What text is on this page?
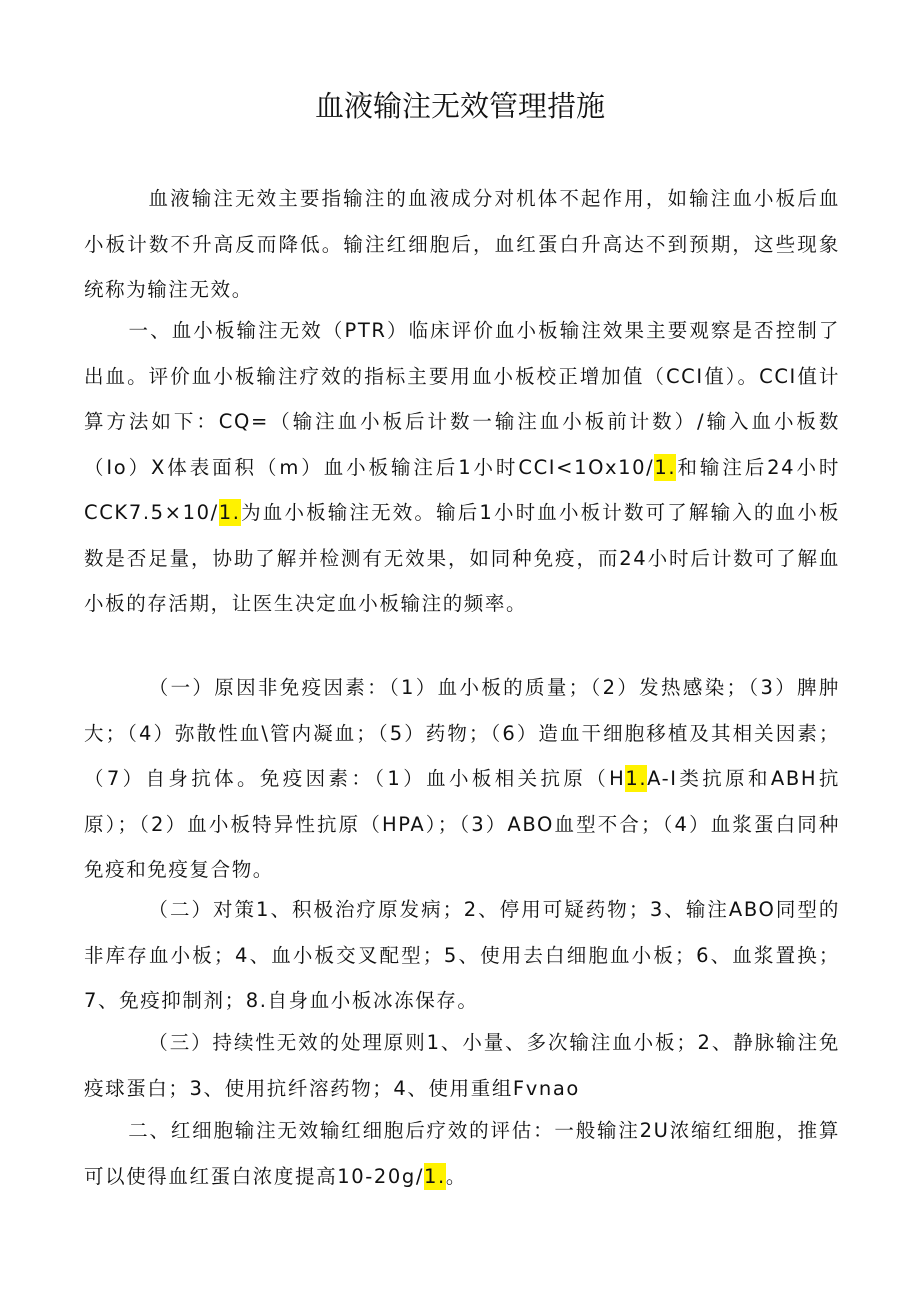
血液输注无效管理措施

血液输注无效主要指输注的血液成分对机体不起作用，如输注血小板后血小板计数不升高反而降低。输注红细胞后，血红蛋白升高达不到预期，这些现象统称为输注无效。

一、血小板输注无效（PTR）临床评价血小板输注效果主要观察是否控制了出血。评价血小板输注疗效的指标主要用血小板校正增加值（CCI值）。CCI值计算方法如下：CQ=（输注血小板后计数一输注血小板前计数）/输入血小板数（Io）X体表面积（m）血小板输注后1小时CCI<1Ox10/1.和输注后24小时CCK7.5×10/1.为血小板输注无效。输后1小时血小板计数可了解输入的血小板数是否足量，协助了解并检测有无效果，如同种免疫，而24小时后计数可了解血小板的存活期，让医生决定血小板输注的频率。

（一）原因非免疫因素：（1）血小板的质量；（2）发热感染；（3）脾肿大；（4）弥散性血\管内凝血；（5）药物；（6）造血干细胞移植及其相关因素；（7）自身抗体。免疫因素：（1）血小板相关抗原（H1.A-I类抗原和ABH抗原）；（2）血小板特异性抗原（HPA）；（3）ABO血型不合；（4）血浆蛋白同种免疫和免疫复合物。

（二）对策1、积极治疗原发病；2、停用可疑药物；3、输注ABO同型的非库存血小板；4、血小板交叉配型；5、使用去白细胞血小板；6、血浆置换；7、免疫抑制剂；8.自身血小板冰冻保存。

（三）持续性无效的处理原则1、小量、多次输注血小板；2、静脉输注免疫球蛋白；3、使用抗纤溶药物；4、使用重组Fvnao

二、红细胞输注无效输红细胞后疗效的评估：一般输注2U浓缩红细胞，推算可以使得血红蛋白浓度提高10-20g/1.。
